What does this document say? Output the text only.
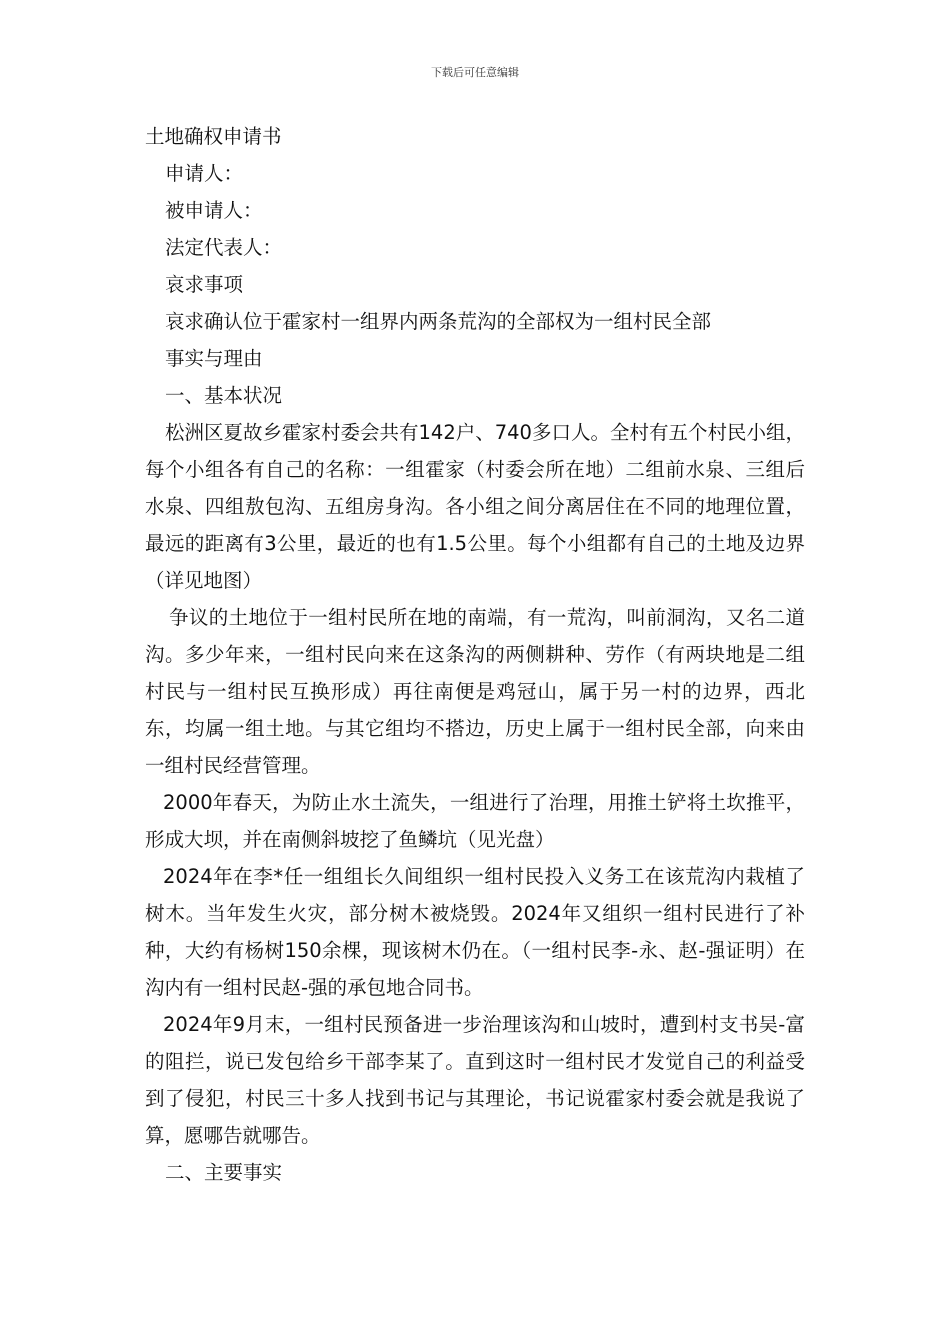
下载后可任意编辑

土地确权申请书

申请人：

被申请人：

法定代表人：

哀求事项

哀求确认位于霍家村一组界内两条荒沟的全部权为一组村民全部

事实与理由

一、基本状况

松洲区夏故乡霍家村委会共有142户、740多口人。全村有五个村民小组，每个小组各有自己的名称：一组霍家（村委会所在地）二组前水泉、三组后水泉、四组敖包沟、五组房身沟。各小组之间分离居住在不同的地理位置，最远的距离有3公里，最近的也有1.5公里。每个小组都有自己的土地及边界（详见地图）

争议的土地位于一组村民所在地的南端，有一荒沟，叫前洞沟，又名二道沟。多少年来，一组村民向来在这条沟的两侧耕种、劳作（有两块地是二组村民与一组村民互换形成）再往南便是鸡冠山，属于另一村的边界，西北东，均属一组土地。与其它组均不搭边，历史上属于一组村民全部，向来由一组村民经营管理。

2000年春天，为防止水土流失，一组进行了治理，用推土铲将土坎推平，形成大坝，并在南侧斜坡挖了鱼鳞坑（见光盘）

2024年在李*任一组组长久间组织一组村民投入义务工在该荒沟内栽植了树木。当年发生火灾，部分树木被烧毁。2024年又组织一组村民进行了补种，大约有杨树150余棵，现该树木仍在。（一组村民李-永、赵-强证明）在沟内有一组村民赵-强的承包地合同书。

2024年9月末，一组村民预备进一步治理该沟和山坡时，遭到村支书吴-富的阻拦，说已发包给乡干部李某了。直到这时一组村民才发觉自己的利益受到了侵犯，村民三十多人找到书记与其理论，书记说霍家村委会就是我说了算，愿哪告就哪告。

二、主要事实
